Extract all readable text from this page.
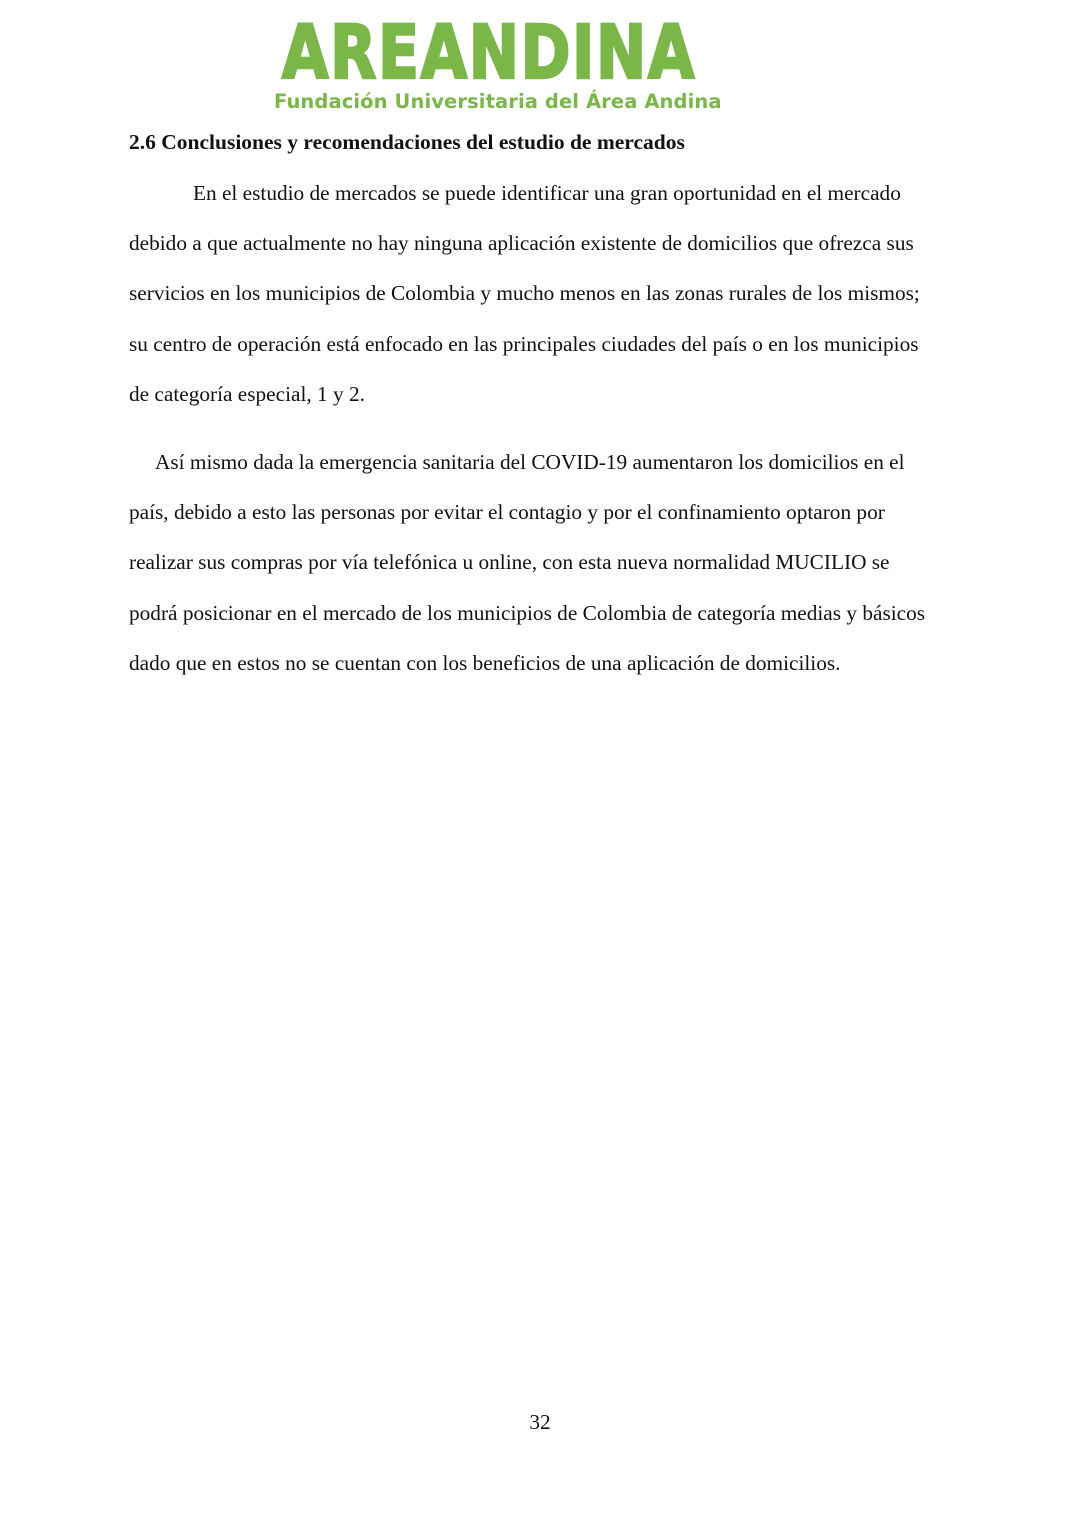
AREANDINA
Fundación Universitaria del Área Andina
2.6 Conclusiones y recomendaciones del estudio de mercados

En el estudio de mercados se puede identificar una gran oportunidad en el mercado
debido a que actualmente no hay ninguna aplicación existente de domicilios que ofrezca sus
servicios en los municipios de Colombia y mucho menos en las zonas rurales de los mismos;
su centro de operación está enfocado en las principales ciudades del país o en los municipios
de categoría especial, 1 y 2.

Así mismo dada la emergencia sanitaria del COVID-19 aumentaron los domicilios en el
país, debido a esto las personas por evitar el contagio y por el confinamiento optaron por
realizar sus compras por vía telefónica u online, con esta nueva normalidad MUCILIO se
podrá posicionar en el mercado de los municipios de Colombia de categoría medias y básicos
dado que en estos no se cuentan con los beneficios de una aplicación de domicilios.

32
